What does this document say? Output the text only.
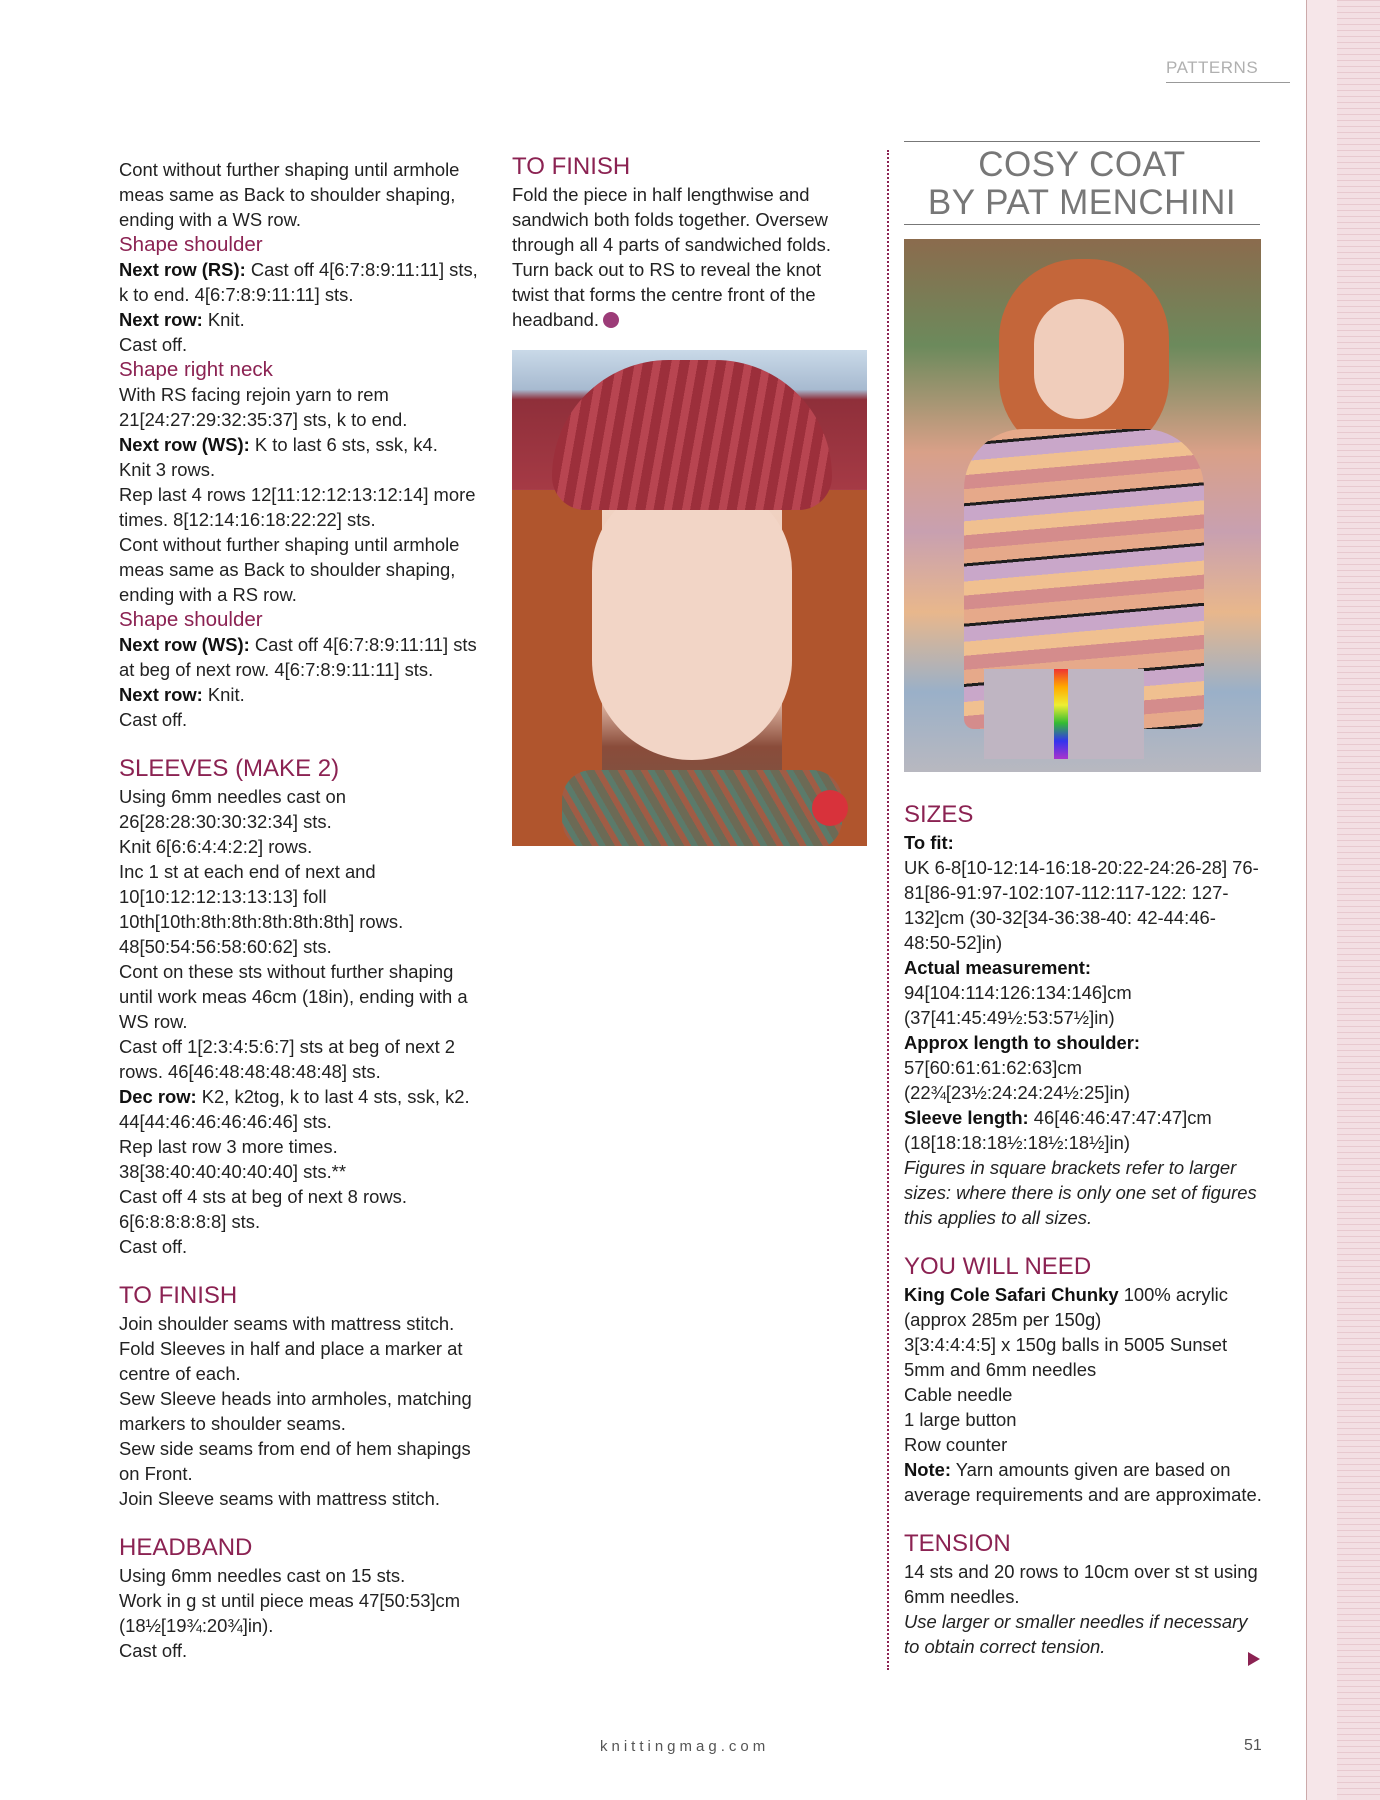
PATTERNS

Cont without further shaping until armhole meas same as Back to shoulder shaping, ending with a WS row.

Shape shoulder

Next row (RS): Cast off 4[6:7:8:9:11:11] sts, k to end. 4[6:7:8:9:11:11] sts.

Next row: Knit.

Cast off.

Shape right neck

With RS facing rejoin yarn to rem 21[24:27:29:32:35:37] sts, k to end.

Next row (WS): K to last 6 sts, ssk, k4.

Knit 3 rows.

Rep last 4 rows 12[11:12:12:13:12:14] more times. 8[12:14:16:18:22:22] sts.

Cont without further shaping until armhole meas same as Back to shoulder shaping, ending with a RS row.

Shape shoulder

Next row (WS): Cast off 4[6:7:8:9:11:11] sts at beg of next row. 4[6:7:8:9:11:11] sts.

Next row: Knit.

Cast off.

SLEEVES (MAKE 2)

Using 6mm needles cast on 26[28:28:30:30:32:34] sts.

Knit 6[6:6:4:4:2:2] rows.

Inc 1 st at each end of next and 10[10:12:12:13:13:13] foll 10th[10th:8th:8th:8th:8th:8th] rows. 48[50:54:56:58:60:62] sts.

Cont on these sts without further shaping until work meas 46cm (18in), ending with a WS row.

Cast off 1[2:3:4:5:6:7] sts at beg of next 2 rows. 46[46:48:48:48:48:48] sts.

Dec row: K2, k2tog, k to last 4 sts, ssk, k2. 44[44:46:46:46:46:46] sts.

Rep last row 3 more times. 38[38:40:40:40:40:40] sts.**

Cast off 4 sts at beg of next 8 rows. 6[6:8:8:8:8:8] sts.

Cast off.

TO FINISH

Join shoulder seams with mattress stitch.

Fold Sleeves in half and place a marker at centre of each.

Sew Sleeve heads into armholes, matching markers to shoulder seams.

Sew side seams from end of hem shapings on Front.

Join Sleeve seams with mattress stitch.

HEADBAND

Using 6mm needles cast on 15 sts.

Work in g st until piece meas 47[50:53]cm (18½[19¾:20¾]in).

Cast off.

TO FINISH

Fold the piece in half lengthwise and sandwich both folds together. Oversew through all 4 parts of sandwiched folds. Turn back out to RS to reveal the knot twist that forms the centre front of the headband.

COSY COAT
BY PAT MENCHINI

SIZES

To fit:

UK 6-8[10-12:14-16:18-20:22-24:26-28] 76-81[86-91:97-102:107-112:117-122: 127-132]cm (30-32[34-36:38-40: 42-44:46-48:50-52]in)

Actual measurement:

94[104:114:126:134:146]cm (37[41:45:49½:53:57½]in)

Approx length to shoulder:

57[60:61:61:62:63]cm (22¾[23½:24:24:24½:25]in)

Sleeve length: 46[46:46:47:47:47]cm (18[18:18:18½:18½:18½]in)

Figures in square brackets refer to larger sizes: where there is only one set of figures this applies to all sizes.

YOU WILL NEED

King Cole Safari Chunky 100% acrylic (approx 285m per 150g)

3[3:4:4:4:5] x 150g balls in 5005 Sunset

5mm and 6mm needles

Cable needle

1 large button

Row counter

Note: Yarn amounts given are based on average requirements and are approximate.

TENSION

14 sts and 20 rows to 10cm over st st using 6mm needles.

Use larger or smaller needles if necessary to obtain correct tension.

knittingmag.com	51
